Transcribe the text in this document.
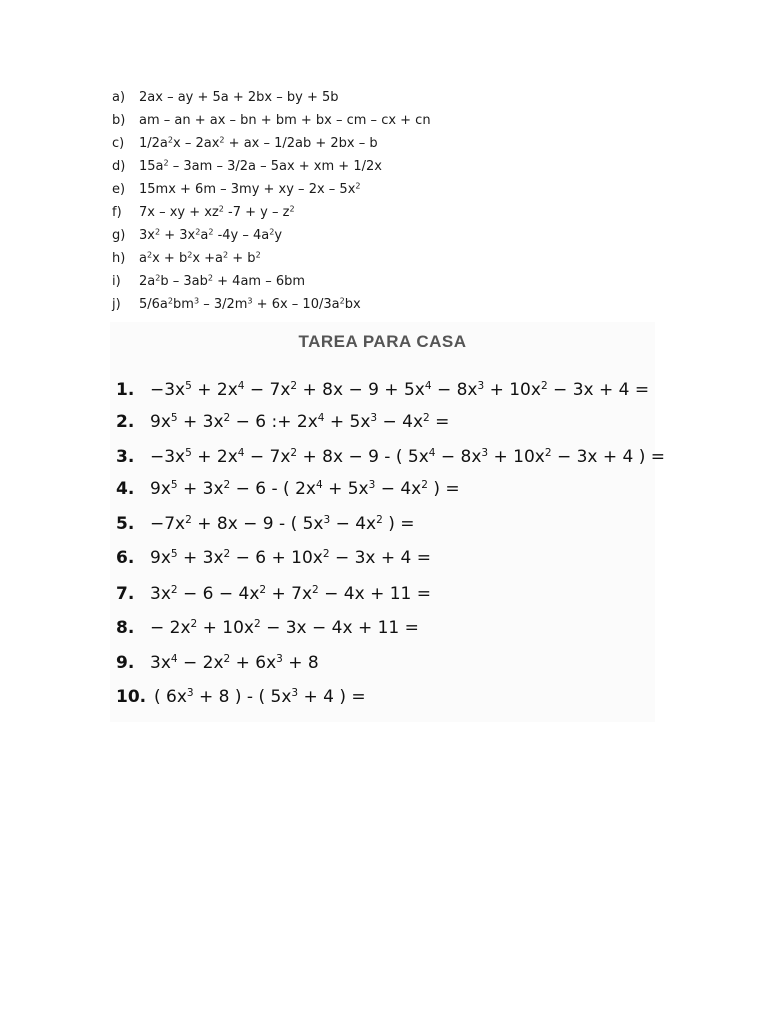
a)	2ax – ay + 5a + 2bx – by + 5b
b)	am – an + ax – bn + bm + bx – cm – cx + cn
c)	$1/2a^2x - 2ax^2$ + ax – 1/2ab + 2bx – b
d)	$15a^2 - 3am - 3/2a - 5ax$ + xm + 1/2x
e)	15mx + 6m – 3my + xy – $2x - 5x^2$
f)	7x – xy + $xz^2$ $-7 + y - z^2$
g)	$3x^2 + 3x^2a^2$ $-4y - 4a^2y$
h)	$a^2x + b^2x +a^2 + b^2$
i)	$2a^2b - 3ab^2 + 4am - 6bm$
j)	$5/6a^2bm^3 - 3/2m^3 + 6x - 10/3a^2bx$
TAREA PARA CASA
1. $-3x^5 + 2x^4 - 7x^2 + 8x - 9 + 5x^4 - 8x^3 + 10x^2 - 3x + 4$ =
2. $9x^5 + 3x^2 - 6$ :+ $2x^4 + 5x^3 - 4x^2$ =
3. $-3x^5 + 2x^4 - 7x^2 + 8x - 9$ - ( $5x^4 - 8x^3 + 10x^2 - 3x + 4$ ) =
4. $9x^5 + 3x^2 - 6$ - ( $2x^4 + 5x^3 - 4x^2$ ) =
5. $-7x^2 + 8x - 9$ - ( $5x^3 - 4x^2$ ) =
6. $9x^5 + 3x^2 - 6 + 10x^2 - 3x + 4$ =
7. $3x^2 - 6 - 4x^2 + 7x^2 - 4x + 11$ =
8. − $2x^2 + 10x^2 - 3x - 4x + 11$ =
9. $3x^4 - 2x^2 + 6x^3 + 8$
10. ( $6x^3 + 8$ ) - ( $5x^3 + 4$ ) =
